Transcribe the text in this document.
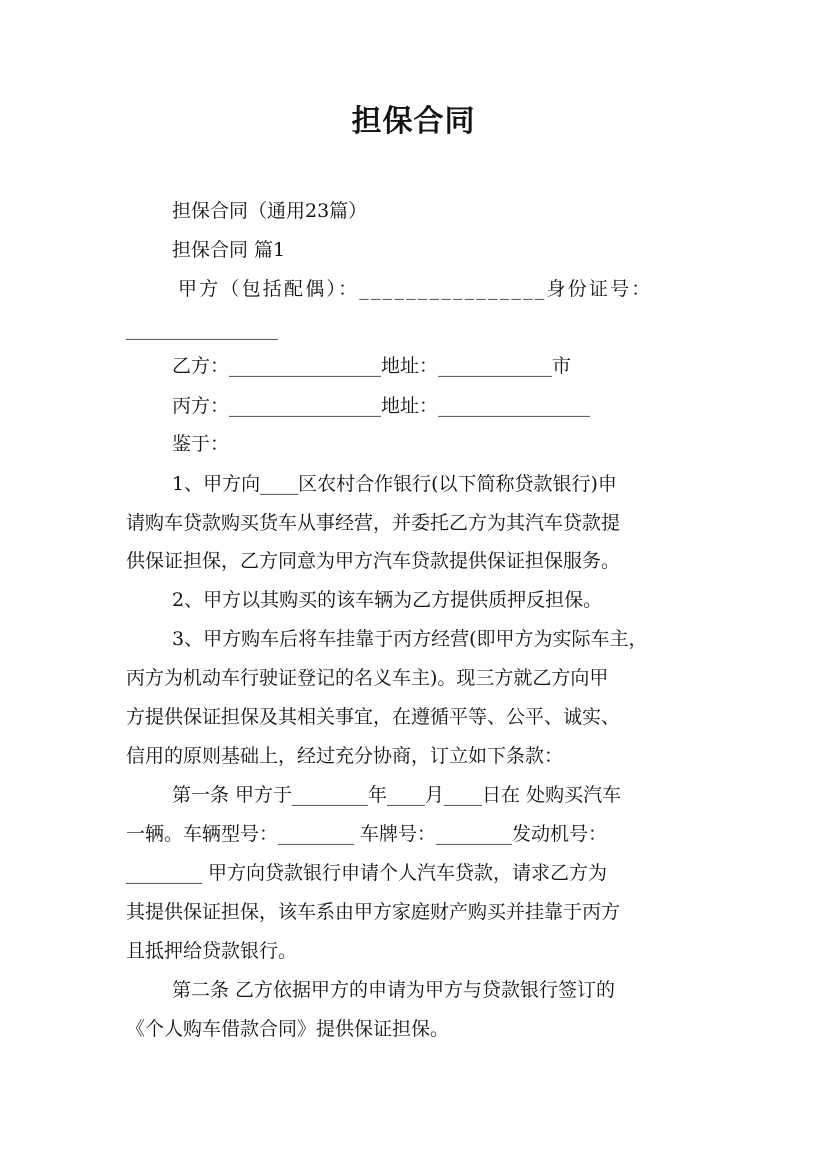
担保合同
担保合同（通用23篇）
担保合同 篇1
甲方（包括配偶）：________________身份证号：
________________
乙方：________________地址：____________市
丙方：________________地址：________________
鉴于：
1、甲方向____区农村合作银行(以下简称贷款银行)申
请购车贷款购买货车从事经营，并委托乙方为其汽车贷款提
供保证担保，乙方同意为甲方汽车贷款提供保证担保服务。
2、甲方以其购买的该车辆为乙方提供质押反担保。
3、甲方购车后将车挂靠于丙方经营(即甲方为实际车主，
丙方为机动车行驶证登记的名义车主)。现三方就乙方向甲
方提供保证担保及其相关事宜，在遵循平等、公平、诚实、
信用的原则基础上，经过充分协商，订立如下条款：
第一条 甲方于________年____月____日在 处购买汽车
一辆。车辆型号：________ 车牌号：________发动机号：
________ 甲方向贷款银行申请个人汽车贷款，请求乙方为
其提供保证担保，该车系由甲方家庭财产购买并挂靠于丙方
且抵押给贷款银行。
第二条 乙方依据甲方的申请为甲方与贷款银行签订的
《个人购车借款合同》提供保证担保。
